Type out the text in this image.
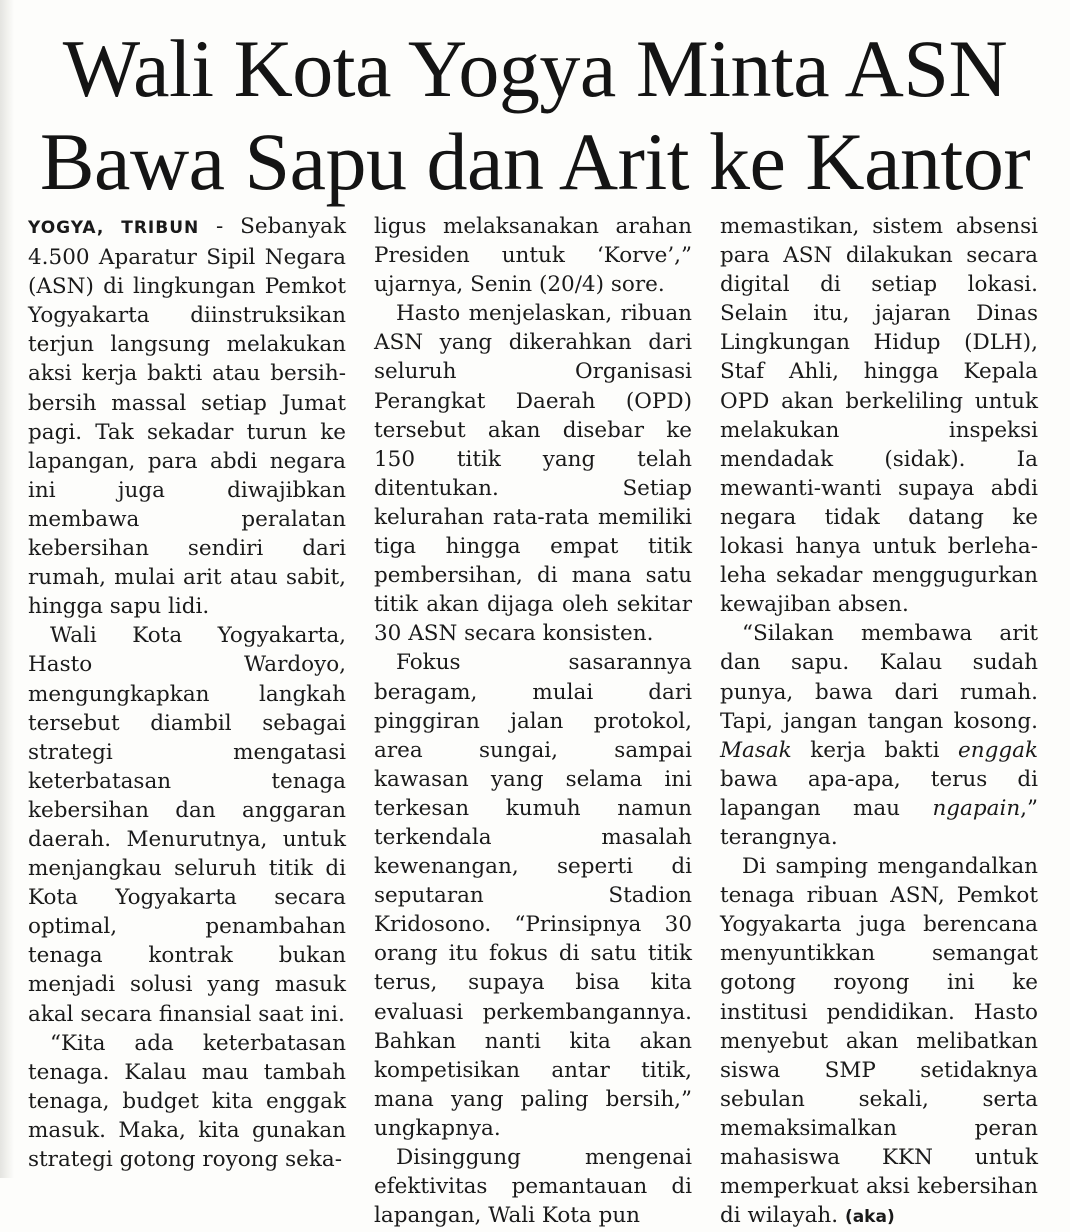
Wali Kota Yogya Minta ASN
Bawa Sapu dan Arit ke Kantor

YOGYA, TRIBUN - Sebanyak 4.500 Aparatur Sipil Negara (ASN) di lingkungan Pemkot Yogyakarta diinstruksikan terjun langsung melakukan aksi kerja bakti atau bersih-bersih massal setiap Jumat pagi. Tak sekadar turun ke lapangan, para abdi negara ini juga diwajibkan membawa peralatan kebersihan sendiri dari rumah, mulai arit atau sabit, hingga sapu lidi.

Wali Kota Yogyakarta, Hasto Wardoyo, mengungkapkan langkah tersebut diambil sebagai strategi mengatasi keterbatasan tenaga kebersihan dan anggaran daerah. Menurutnya, untuk menjangkau seluruh titik di Kota Yogyakarta secara optimal, penambahan tenaga kontrak bukan menjadi solusi yang masuk akal secara finansial saat ini.

“Kita ada keterbatasan tenaga. Kalau mau tambah tenaga, budget kita enggak masuk. Maka, kita gunakan strategi gotong royong seka-

ligus melaksanakan arahan Presiden untuk ‘Korve’,” ujarnya, Senin (20/4) sore.

Hasto menjelaskan, ribuan ASN yang dikerahkan dari seluruh Organisasi Perangkat Daerah (OPD) tersebut akan disebar ke 150 titik yang telah ditentukan. Setiap kelurahan rata-rata memiliki tiga hingga empat titik pembersihan, di mana satu titik akan dijaga oleh sekitar 30 ASN secara konsisten.

Fokus sasarannya beragam, mulai dari pinggiran jalan protokol, area sungai, sampai kawasan yang selama ini terkesan kumuh namun terkendala masalah kewenangan, seperti di seputaran Stadion Kridosono. “Prinsipnya 30 orang itu fokus di satu titik terus, supaya bisa kita evaluasi perkembangannya. Bahkan nanti kita akan kompetisikan antar titik, mana yang paling bersih,” ungkapnya.

Disinggung mengenai efektivitas pemantauan di lapangan, Wali Kota pun

memastikan, sistem absensi para ASN dilakukan secara digital di setiap lokasi. Selain itu, jajaran Dinas Lingkungan Hidup (DLH), Staf Ahli, hingga Kepala OPD akan berkeliling untuk melakukan inspeksi mendadak (sidak). Ia mewanti-wanti supaya abdi negara tidak datang ke lokasi hanya untuk berleha-leha sekadar menggugurkan kewajiban absen.

“Silakan membawa arit dan sapu. Kalau sudah punya, bawa dari rumah. Tapi, jangan tangan kosong. Masak kerja bakti enggak bawa apa-apa, terus di lapangan mau ngapain,” terangnya.

Di samping mengandalkan tenaga ribuan ASN, Pemkot Yogyakarta juga berencana menyuntikkan semangat gotong royong ini ke institusi pendidikan. Hasto menyebut akan melibatkan siswa SMP setidaknya sebulan sekali, serta memaksimalkan peran mahasiswa KKN untuk memperkuat aksi kebersihan di wilayah. (aka)
